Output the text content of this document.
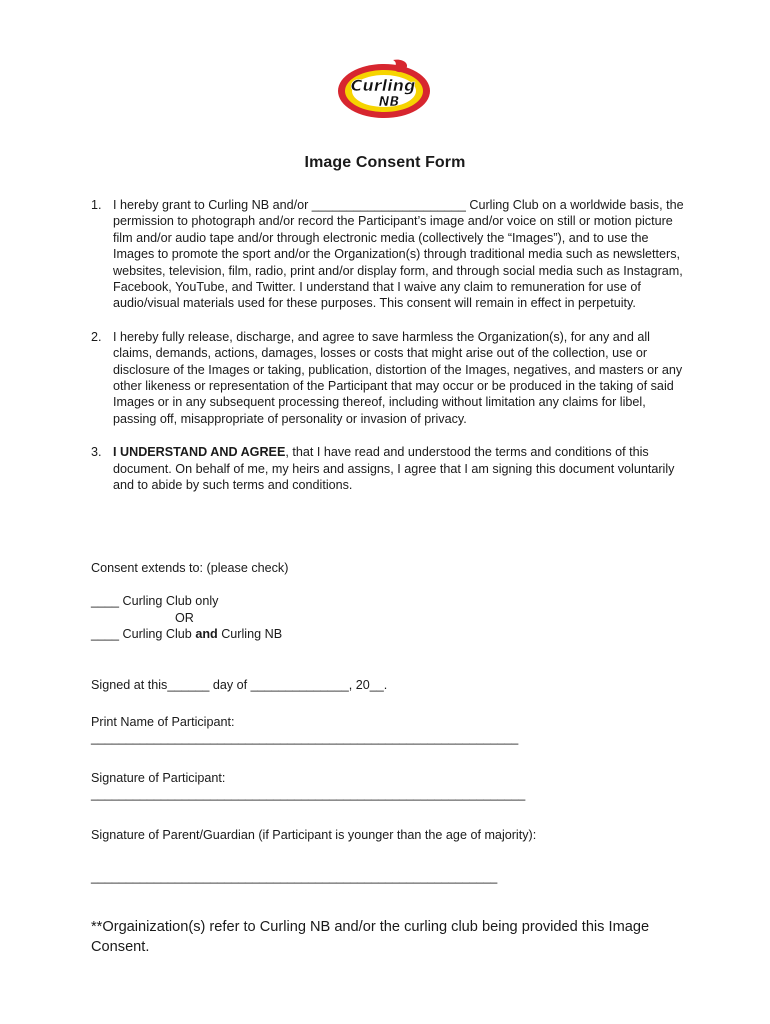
Curling
NB
Image Consent Form
1. I hereby grant to Curling NB and/or ______________________ Curling Club on a worldwide basis, the permission to photograph and/or record the Participant’s image and/or voice on still or motion picture film and/or audio tape and/or through electronic media (collectively the “Images”), and to use the Images to promote the sport and/or the Organization(s) through traditional media such as newsletters, websites, television, film, radio, print and/or display form, and through social media such as Instagram, Facebook, YouTube, and Twitter. I understand that I waive any claim to remuneration for use of audio/visual materials used for these purposes. This consent will remain in effect in perpetuity.
2. I hereby fully release, discharge, and agree to save harmless the Organization(s), for any and all claims, demands, actions, damages, losses or costs that might arise out of the collection, use or disclosure of the Images or taking, publication, distortion of the Images, negatives, and masters or any other likeness or representation of the Participant that may occur or be produced in the taking of said Images or in any subsequent processing thereof, including without limitation any claims for libel, passing off, misappropriate of personality or invasion of privacy.
3. I UNDERSTAND AND AGREE, that I have read and understood the terms and conditions of this document. On behalf of me, my heirs and assigns, I agree that I am signing this document voluntarily and to abide by such terms and conditions.
Consent extends to: (please check)
____ Curling Club only
OR
____ Curling Club and Curling NB
Signed at this______ day of ______________, 20__.
Print Name of Participant:
_____________________________________________________________
Signature of Participant:
______________________________________________________________
Signature of Parent/Guardian (if Participant is younger than the age of majority):
__________________________________________________________
**Orgainization(s) refer to Curling NB and/or the curling club being provided this Image Consent.
